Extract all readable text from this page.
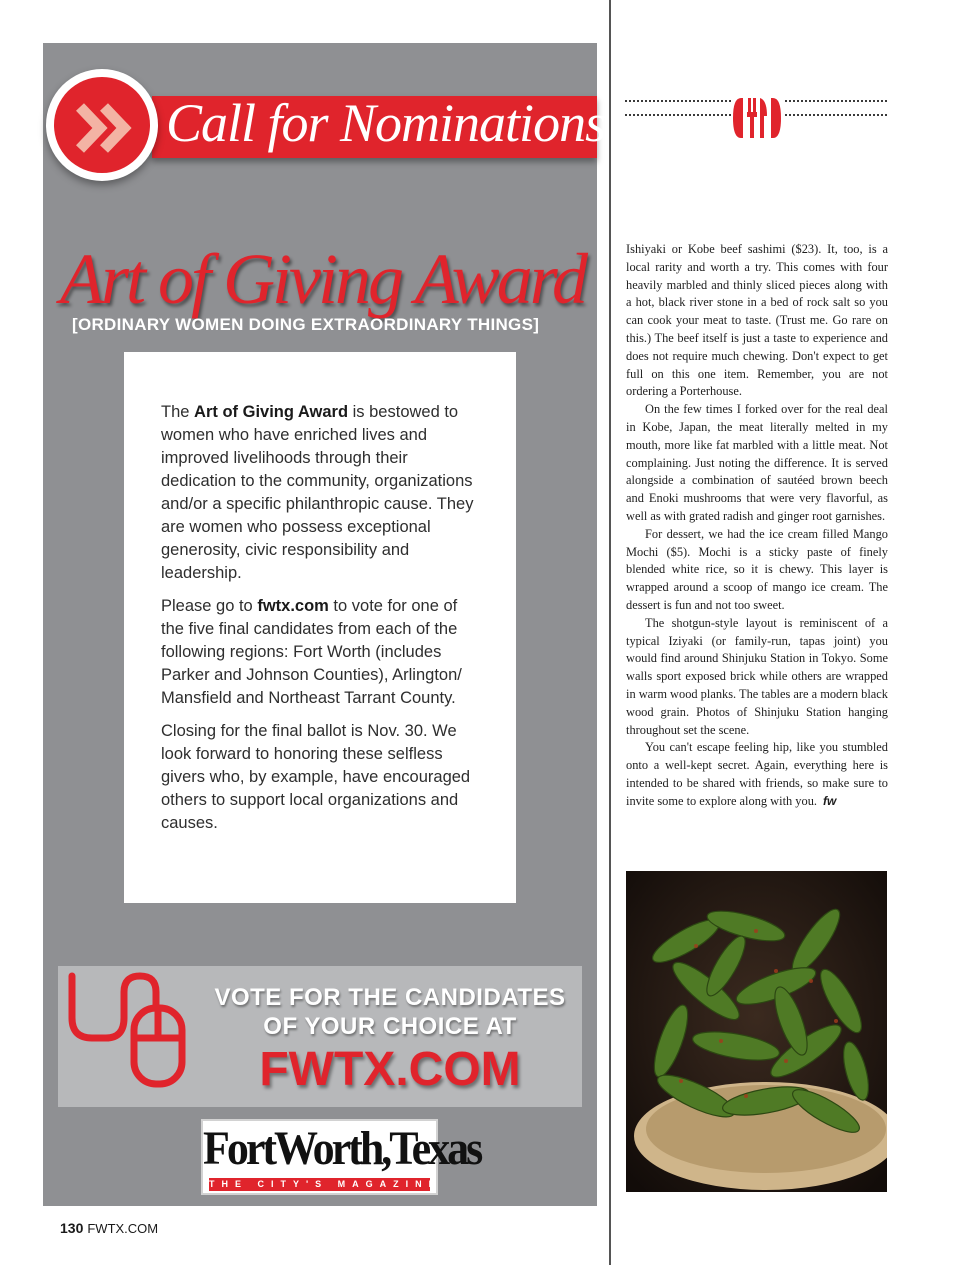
Call for Nominations
Art of Giving Award
[ORDINARY WOMEN DOING EXTRAORDINARY THINGS]

The Art of Giving Award is bestowed to women who have enriched lives and improved livelihoods through their dedication to the community, organizations and/or a specific philanthropic cause. They are women who possess exceptional generosity, civic responsibility and leadership.

Please go to fwtx.com to vote for one of the five final candidates from each of the following regions: Fort Worth (includes Parker and Johnson Counties), Arlington/ Mansfield and Northeast Tarrant County.

Closing for the final ballot is Nov. 30. We look forward to honoring these selfless givers who, by example, have encouraged others to support local organizations and causes.

VOTE FOR THE CANDIDATES
OF YOUR CHOICE AT
FWTX.COM
FortWorth,Texas
THE CITY'S MAGAZINE
130 FWTX.COM

Ishiyaki or Kobe beef sashimi ($23). It, too, is a local rarity and worth a try. This comes with four heavily marbled and thinly sliced pieces along with a hot, black river stone in a bed of rock salt so you can cook your meat to taste. (Trust me. Go rare on this.) The beef itself is just a taste to experience and does not require much chewing. Don't expect to get full on this one item. Remember, you are not ordering a Porterhouse.

On the few times I forked over for the real deal in Kobe, Japan, the meat literally melted in my mouth, more like fat marbled with a little meat. Not complaining. Just noting the difference. It is served alongside a combination of sautéed brown beech and Enoki mushrooms that were very flavorful, as well as with grated radish and ginger root garnishes.

For dessert, we had the ice cream filled Mango Mochi ($5). Mochi is a sticky paste of finely blended white rice, so it is chewy. This layer is wrapped around a scoop of mango ice cream. The dessert is fun and not too sweet.

The shotgun-style layout is reminiscent of a typical Iziyaki (or family-run, tapas joint) you would find around Shinjuku Station in Tokyo. Some walls sport exposed brick while others are wrapped in warm wood planks. The tables are a modern black wood grain. Photos of Shinjuku Station hanging throughout set the scene.

You can't escape feeling hip, like you stumbled onto a well-kept secret. Again, everything here is intended to be shared with friends, so make sure to invite some to explore along with you. fw
